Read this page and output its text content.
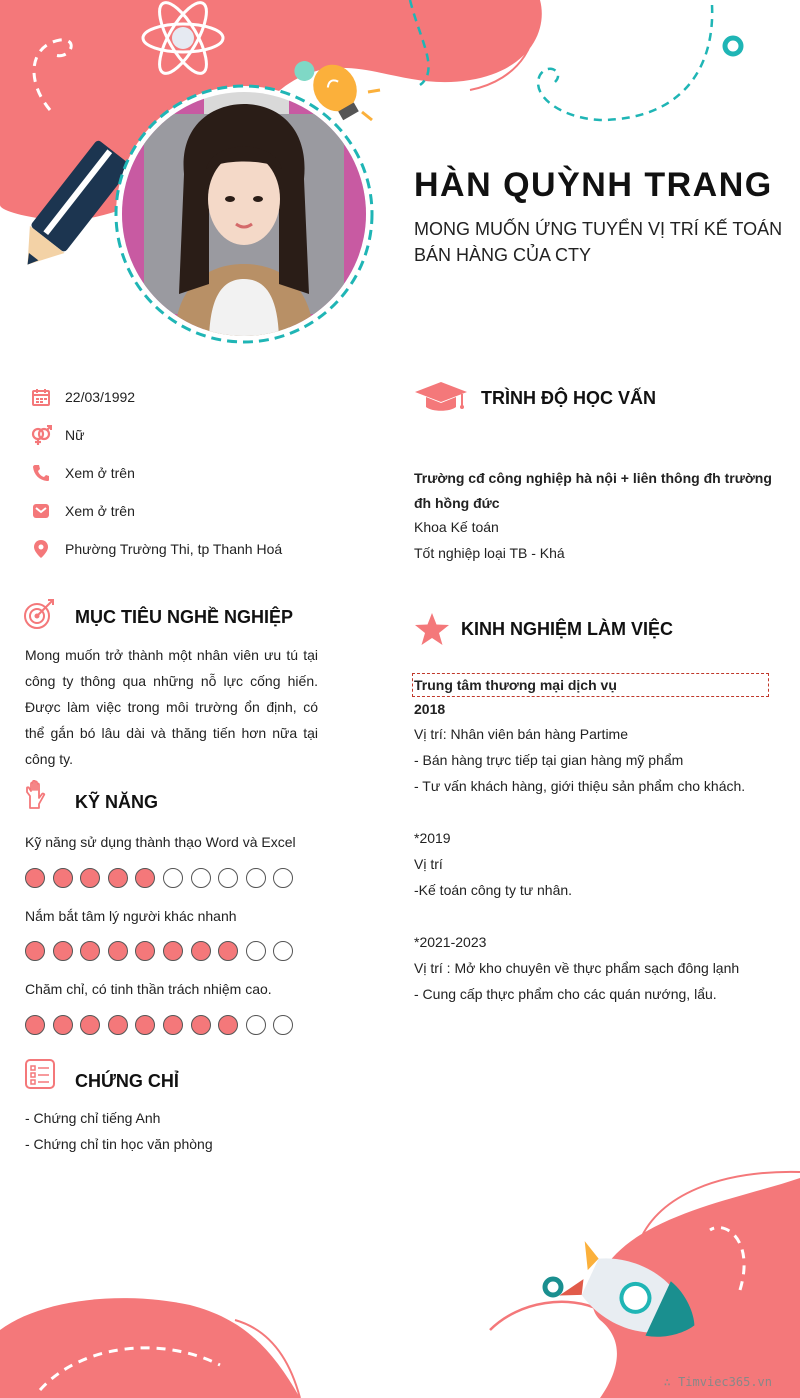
HÀN QUỲNH TRANG
MONG MUỐN ỨNG TUYỂN VỊ TRÍ KẾ TOÁN
BÁN HÀNG CỦA CTY
22/03/1992
Nữ
Xem ở trên
Xem ở trên
Phường Trường Thi, tp Thanh Hoá
MỤC TIÊU NGHỀ NGHIỆP
Mong muốn trở thành một nhân viên ưu tú tại công ty thông qua những nỗ lực cống hiến. Được làm việc trong môi trường ổn định, có thể gắn bó lâu dài và thăng tiến hơn nữa tại công ty.
KỸ NĂNG
Kỹ năng sử dụng thành thạo Word và Excel
Nắm bắt tâm lý người khác nhanh
Chăm chỉ, có tinh thần trách nhiệm cao.
CHỨNG CHỈ
- Chứng chỉ tiếng Anh
- Chứng chỉ tin học văn phòng
TRÌNH ĐỘ HỌC VẤN
Trường cđ công nghiệp hà nội + liên thông đh trường đh hồng đức
Khoa Kế toán
Tốt nghiệp loại TB - Khá
KINH NGHIỆM LÀM VIỆC
Trung tâm thương mại dịch vụ
2018
Vị trí: Nhân viên bán hàng Partime
- Bán hàng trực tiếp tại gian hàng mỹ phẩm
- Tư vấn khách hàng, giới thiệu sản phẩm cho khách.
*2019
Vị trí
-Kế toán công ty tư nhân.
*2021-2023
Vị trí : Mở kho chuyên về thực phẩm sạch đông lạnh
- Cung cấp thực phẩm cho các quán nướng, lẩu.
∴ Timviec365.vn
